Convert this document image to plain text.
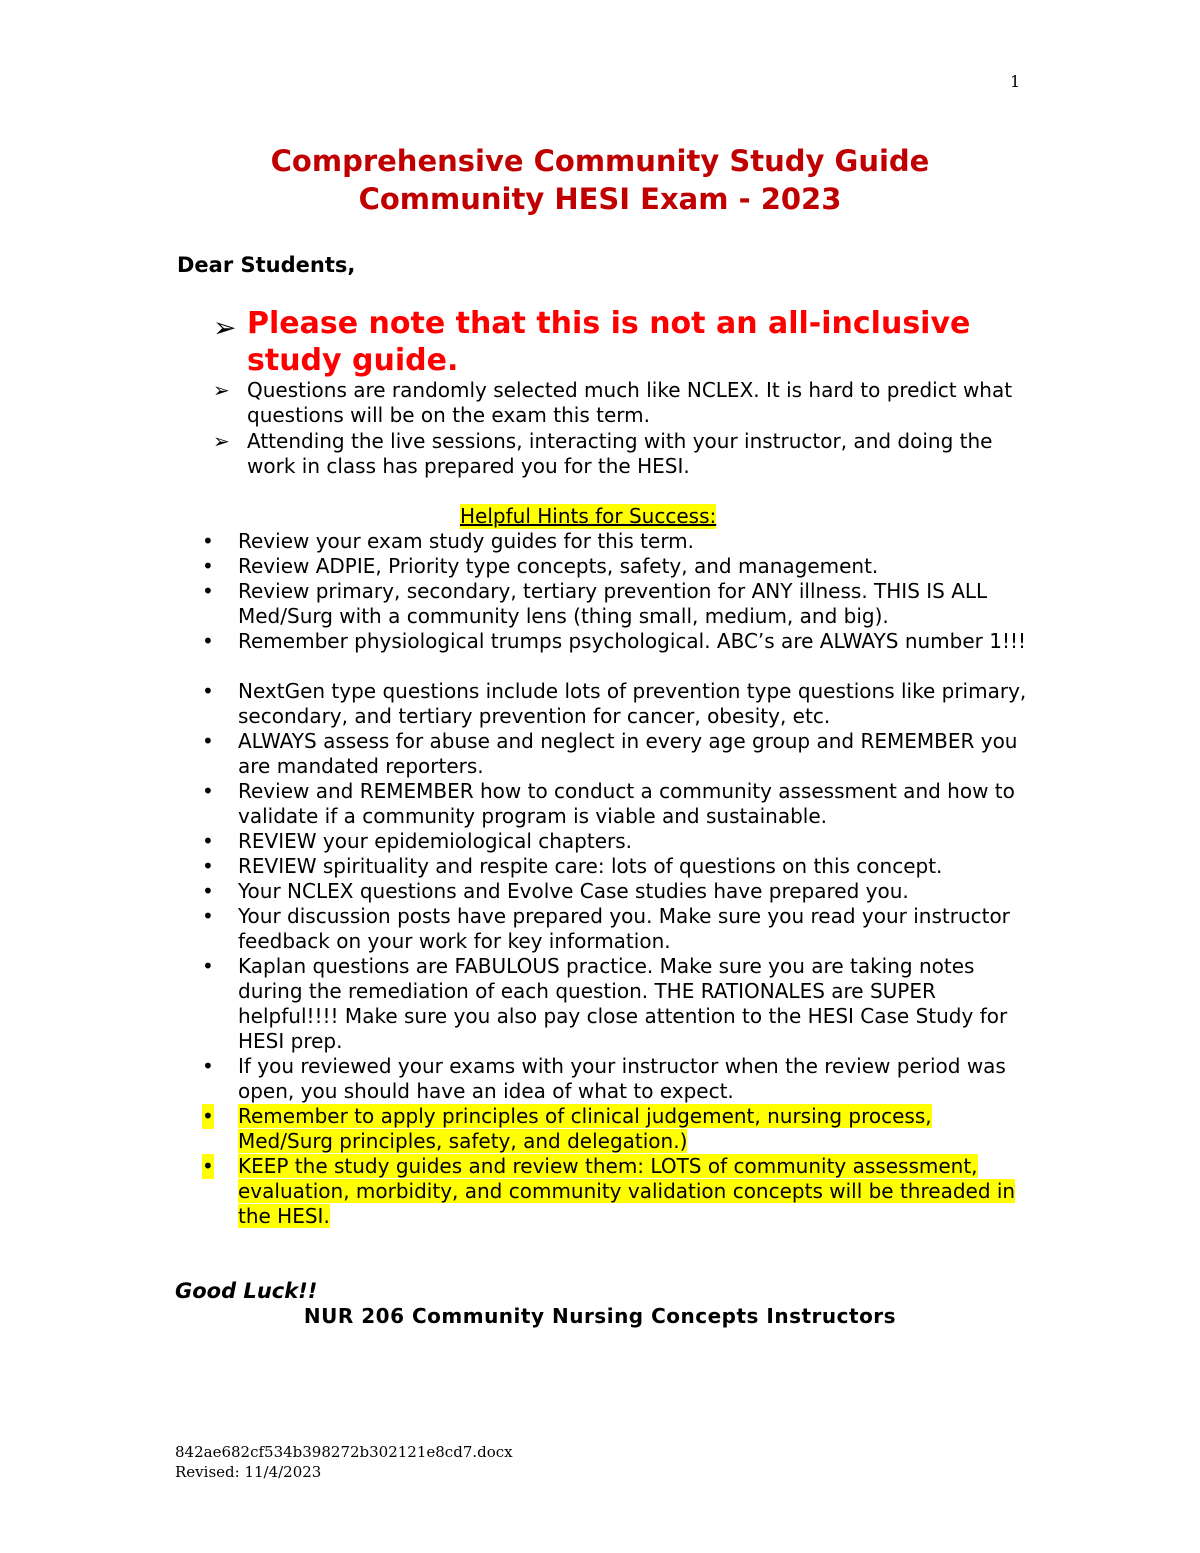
1
Comprehensive Community Study Guide
Community HESI Exam - 2023
Dear Students,
➢ Please note that this is not an all-inclusive study guide.
➢ Questions are randomly selected much like NCLEX. It is hard to predict what questions will be on the exam this term.
➢ Attending the live sessions, interacting with your instructor, and doing the work in class has prepared you for the HESI.
Helpful Hints for Success:
• Review your exam study guides for this term.
• Review ADPIE, Priority type concepts, safety, and management.
• Review primary, secondary, tertiary prevention for ANY illness. THIS IS ALL Med/Surg with a community lens (thing small, medium, and big).
• Remember physiological trumps psychological. ABC’s are ALWAYS number 1!!!
• NextGen type questions include lots of prevention type questions like primary, secondary, and tertiary prevention for cancer, obesity, etc.
• ALWAYS assess for abuse and neglect in every age group and REMEMBER you are mandated reporters.
• Review and REMEMBER how to conduct a community assessment and how to validate if a community program is viable and sustainable.
• REVIEW your epidemiological chapters.
• REVIEW spirituality and respite care: lots of questions on this concept.
• Your NCLEX questions and Evolve Case studies have prepared you.
• Your discussion posts have prepared you. Make sure you read your instructor feedback on your work for key information.
• Kaplan questions are FABULOUS practice. Make sure you are taking notes during the remediation of each question. THE RATIONALES are SUPER helpful!!!! Make sure you also pay close attention to the HESI Case Study for HESI prep.
• If you reviewed your exams with your instructor when the review period was open, you should have an idea of what to expect.
• Remember to apply principles of clinical judgement, nursing process, Med/Surg principles, safety, and delegation.)
• KEEP the study guides and review them: LOTS of community assessment, evaluation, morbidity, and community validation concepts will be threaded in the HESI.
Good Luck!!
NUR 206 Community Nursing Concepts Instructors
842ae682cf534b398272b302121e8cd7.docx
Revised: 11/4/2023
